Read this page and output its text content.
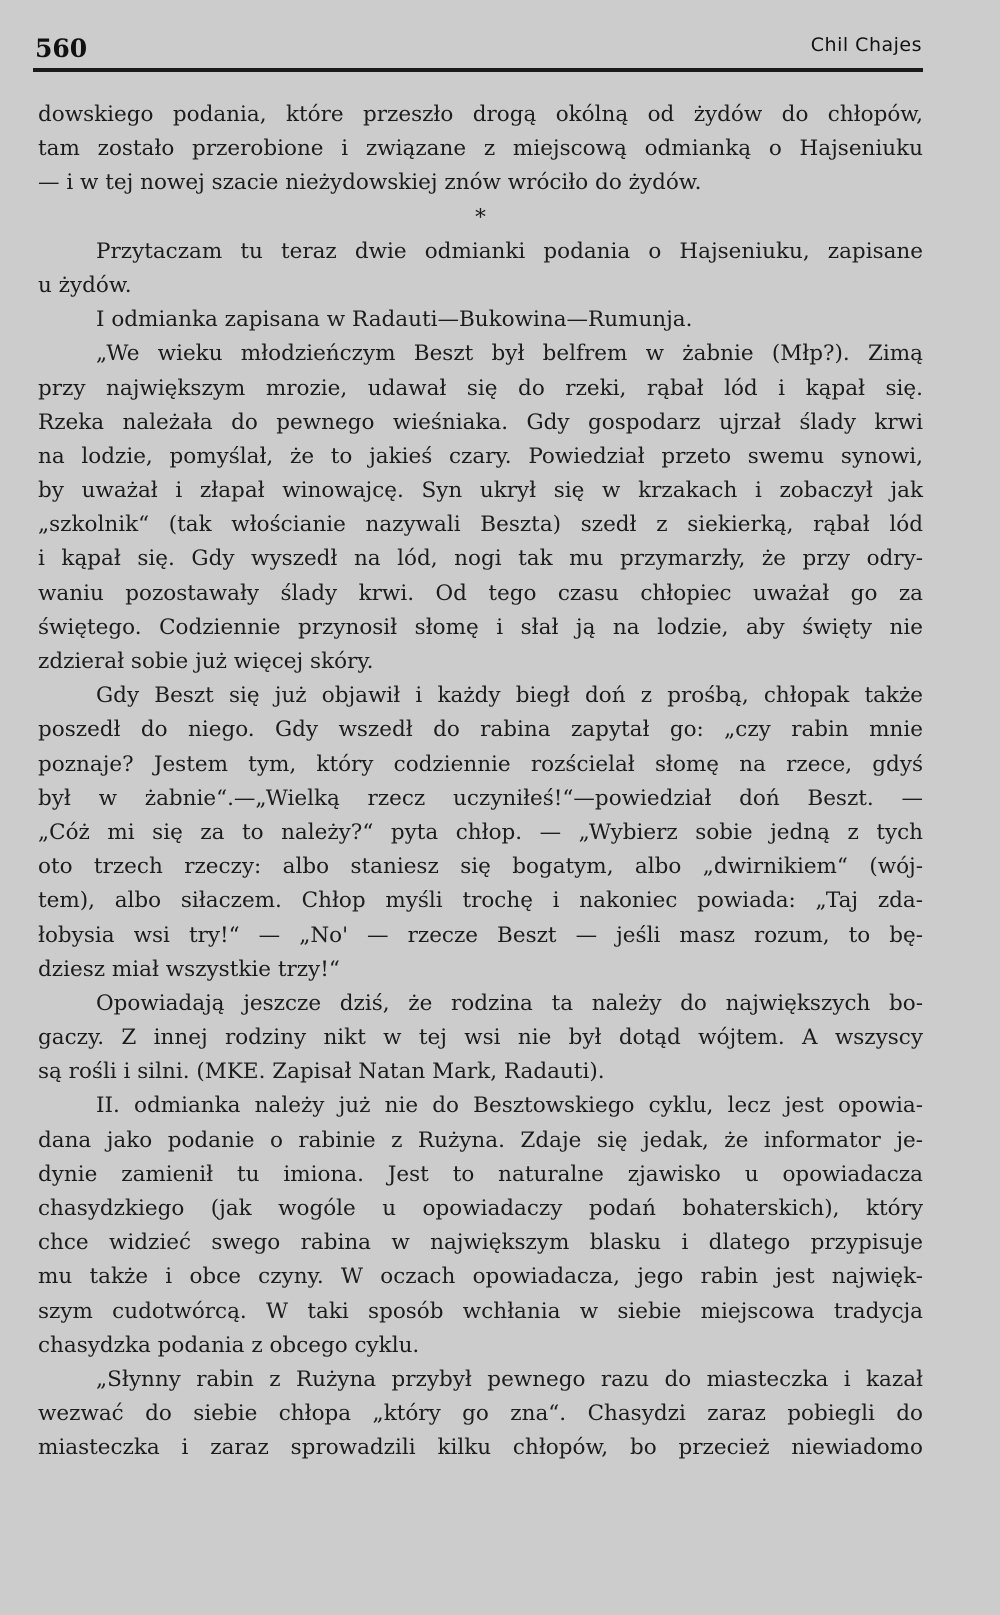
560	Chil Chajes
dowskiego podania, które przeszło drogą okólną od żydów do chłopów,
tam zostało przerobione i związane z miejscową odmianką o Hajseniuku
— i w tej nowej szacie nieżydowskiej znów wróciło do żydów.
*
Przytaczam tu teraz dwie odmianki podania o Hajseniuku, zapisane
u żydów.
I odmianka zapisana w Radauti—Bukowina—Rumunja.
„We wieku młodzieńczym Beszt był belfrem w żabnie (Młp?). Zimą
przy największym mrozie, udawał się do rzeki, rąbał lód i kąpał się.
Rzeka należała do pewnego wieśniaka. Gdy gospodarz ujrzał ślady krwi
na lodzie, pomyślał, że to jakieś czary. Powiedział przeto swemu synowi,
by uważał i złapał winowajcę. Syn ukrył się w krzakach i zobaczył jak
„szkolnik“ (tak włościanie nazywali Beszta) szedł z siekierką, rąbał lód
i kąpał się. Gdy wyszedł na lód, nogi tak mu przymarzły, że przy odry-
waniu pozostawały ślady krwi. Od tego czasu chłopiec uważał go za
świętego. Codziennie przynosił słomę i słał ją na lodzie, aby święty nie
zdzierał sobie już więcej skóry.
Gdy Beszt się już objawił i każdy biegł doń z prośbą, chłopak także
poszedł do niego. Gdy wszedł do rabina zapytał go: „czy rabin mnie
poznaje? Jestem tym, który codziennie rozścielał słomę na rzece, gdyś
był w żabnie“.—„Wielką rzecz uczyniłeś!“—powiedział doń Beszt. —
„Cóż mi się za to należy?“ pyta chłop. — „Wybierz sobie jedną z tych
oto trzech rzeczy: albo staniesz się bogatym, albo „dwirnikiem“ (wój-
tem), albo siłaczem. Chłop myśli trochę i nakoniec powiada: „Taj zda-
łobysia wsi try!“ — „No' — rzecze Beszt — jeśli masz rozum, to bę-
dziesz miał wszystkie trzy!“
Opowiadają jeszcze dziś, że rodzina ta należy do największych bo-
gaczy. Z innej rodziny nikt w tej wsi nie był dotąd wójtem. A wszyscy
są rośli i silni. (MKE. Zapisał Natan Mark, Radauti).
II. odmianka należy już nie do Besztowskiego cyklu, lecz jest opowia-
dana jako podanie o rabinie z Rużyna. Zdaje się jedak, że informator je-
dynie zamienił tu imiona. Jest to naturalne zjawisko u opowiadacza
chasydzkiego (jak wogóle u opowiadaczy podań bohaterskich), który
chce widzieć swego rabina w największym blasku i dlatego przypisuje
mu także i obce czyny. W oczach opowiadacza, jego rabin jest najwięk-
szym cudotwórcą. W taki sposób wchłania w siebie miejscowa tradycja
chasydzka podania z obcego cyklu.
„Słynny rabin z Rużyna przybył pewnego razu do miasteczka i kazał
wezwać do siebie chłopa „który go zna“. Chasydzi zaraz pobiegli do
miasteczka i zaraz sprowadzili kilku chłopów, bo przecież niewiadomo
